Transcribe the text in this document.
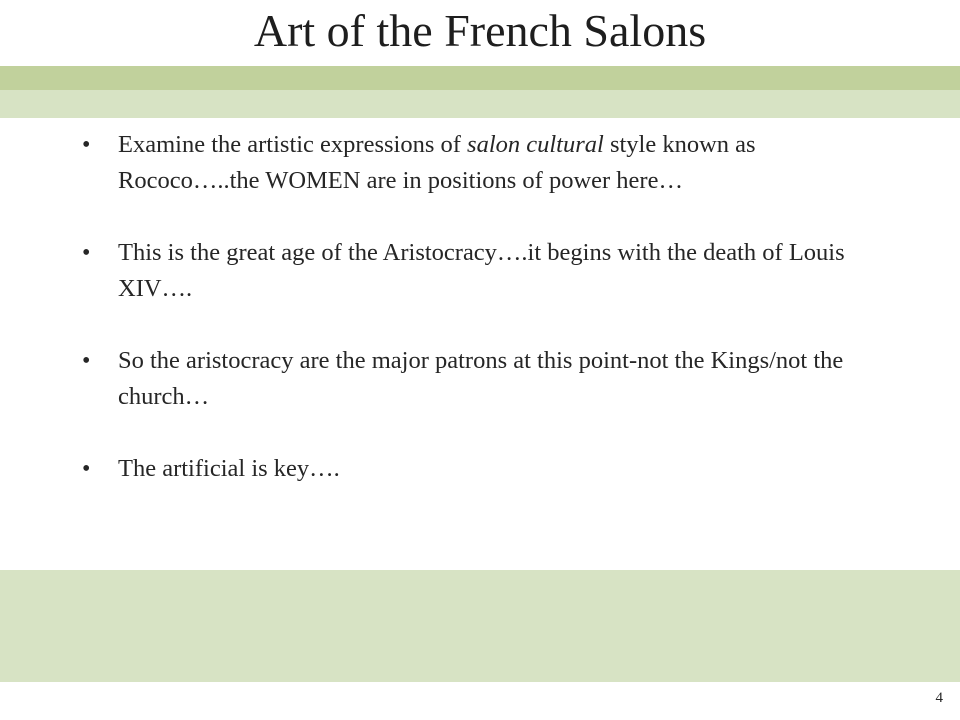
Art of the French Salons
• Examine the artistic expressions of salon cultural style known as Rococo…..the WOMEN are in positions of power here…
• This is the great age of the Aristocracy….it begins with the death of Louis XIV….
• So the aristocracy are the major patrons at this point-not the Kings/not the church…
• The artificial is key….
4
